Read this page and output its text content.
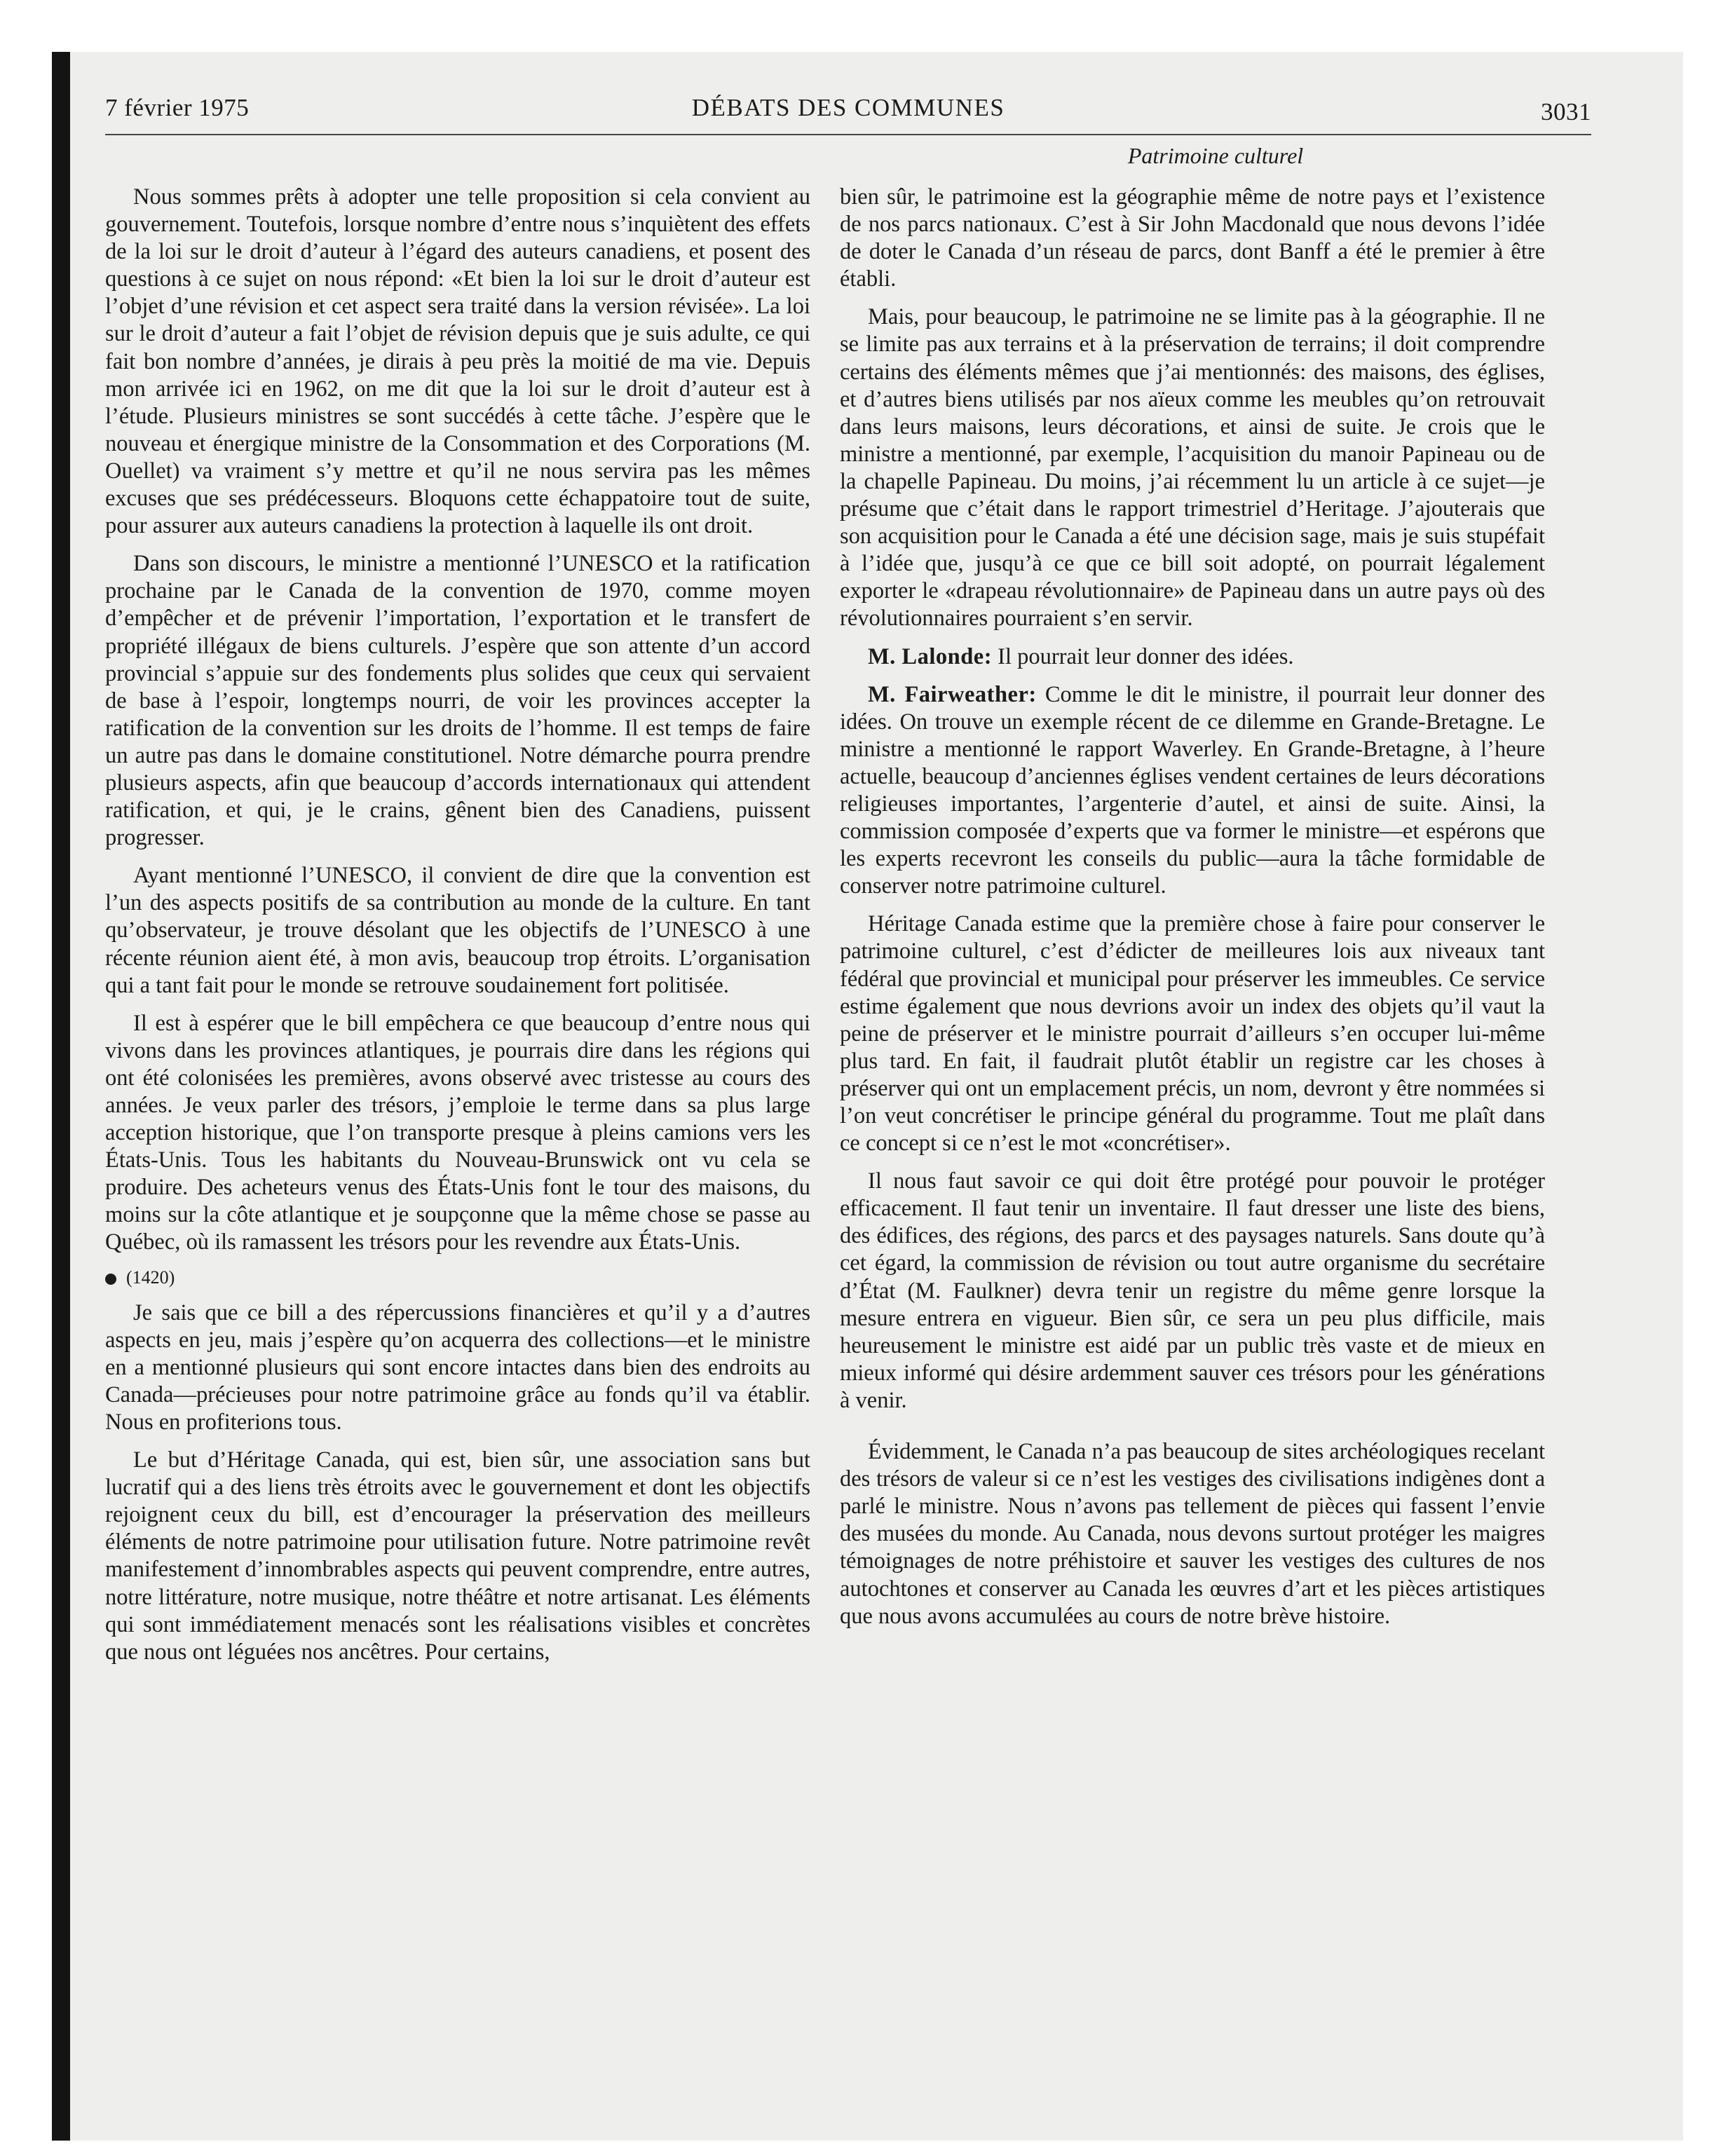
7 février 1975	DÉBATS DES COMMUNES	3031
Patrimoine culturel

Nous sommes prêts à adopter une telle proposition si cela convient au gouvernement. Toutefois, lorsque nombre d’entre nous s’inquiètent des effets de la loi sur le droit d’auteur à l’égard des auteurs canadiens, et posent des questions à ce sujet on nous répond: «Et bien la loi sur le droit d’auteur est l’objet d’une révision et cet aspect sera traité dans la version révisée». La loi sur le droit d’auteur a fait l’objet de révision depuis que je suis adulte, ce qui fait bon nombre d’années, je dirais à peu près la moitié de ma vie. Depuis mon arrivée ici en 1962, on me dit que la loi sur le droit d’auteur est à l’étude. Plusieurs ministres se sont succédés à cette tâche. J’espère que le nouveau et énergique ministre de la Consommation et des Corporations (M. Ouellet) va vraiment s’y mettre et qu’il ne nous servira pas les mêmes excuses que ses prédécesseurs. Bloquons cette échappatoire tout de suite, pour assurer aux auteurs canadiens la protection à laquelle ils ont droit.

Dans son discours, le ministre a mentionné l’UNESCO et la ratification prochaine par le Canada de la convention de 1970, comme moyen d’empêcher et de prévenir l’importation, l’exportation et le transfert de propriété illégaux de biens culturels. J’espère que son attente d’un accord provincial s’appuie sur des fondements plus solides que ceux qui servaient de base à l’espoir, longtemps nourri, de voir les provinces accepter la ratification de la convention sur les droits de l’homme. Il est temps de faire un autre pas dans le domaine constitutionel. Notre démarche pourra prendre plusieurs aspects, afin que beaucoup d’accords internationaux qui attendent ratification, et qui, je le crains, gênent bien des Canadiens, puissent progresser.

Ayant mentionné l’UNESCO, il convient de dire que la convention est l’un des aspects positifs de sa contribution au monde de la culture. En tant qu’observateur, je trouve désolant que les objectifs de l’UNESCO à une récente réunion aient été, à mon avis, beaucoup trop étroits. L’organisation qui a tant fait pour le monde se retrouve soudainement fort politisée.

Il est à espérer que le bill empêchera ce que beaucoup d’entre nous qui vivons dans les provinces atlantiques, je pourrais dire dans les régions qui ont été colonisées les premières, avons observé avec tristesse au cours des années. Je veux parler des trésors, j’emploie le terme dans sa plus large acception historique, que l’on transporte presque à pleins camions vers les États-Unis. Tous les habitants du Nouveau-Brunswick ont vu cela se produire. Des acheteurs venus des États-Unis font le tour des maisons, du moins sur la côte atlantique et je soupçonne que la même chose se passe au Québec, où ils ramassent les trésors pour les revendre aux États-Unis.

(1420)

Je sais que ce bill a des répercussions financières et qu’il y a d’autres aspects en jeu, mais j’espère qu’on acquerra des collections—et le ministre en a mentionné plusieurs qui sont encore intactes dans bien des endroits au Canada—précieuses pour notre patrimoine grâce au fonds qu’il va établir. Nous en profiterions tous.

Le but d’Héritage Canada, qui est, bien sûr, une association sans but lucratif qui a des liens très étroits avec le gouvernement et dont les objectifs rejoignent ceux du bill, est d’encourager la préservation des meilleurs éléments de notre patrimoine pour utilisation future. Notre patrimoine revêt manifestement d’innombrables aspects qui peuvent comprendre, entre autres, notre littérature, notre musique, notre théâtre et notre artisanat. Les éléments qui sont immédiatement menacés sont les réalisations visibles et concrètes que nous ont léguées nos ancêtres. Pour certains,

bien sûr, le patrimoine est la géographie même de notre pays et l’existence de nos parcs nationaux. C’est à Sir John Macdonald que nous devons l’idée de doter le Canada d’un réseau de parcs, dont Banff a été le premier à être établi.

Mais, pour beaucoup, le patrimoine ne se limite pas à la géographie. Il ne se limite pas aux terrains et à la préservation de terrains; il doit comprendre certains des éléments mêmes que j’ai mentionnés: des maisons, des églises, et d’autres biens utilisés par nos aïeux comme les meubles qu’on retrouvait dans leurs maisons, leurs décorations, et ainsi de suite. Je crois que le ministre a mentionné, par exemple, l’acquisition du manoir Papineau ou de la chapelle Papineau. Du moins, j’ai récemment lu un article à ce sujet—je présume que c’était dans le rapport trimestriel d’Heritage. J’ajouterais que son acquisition pour le Canada a été une décision sage, mais je suis stupéfait à l’idée que, jusqu’à ce que ce bill soit adopté, on pourrait légalement exporter le «drapeau révolutionnaire» de Papineau dans un autre pays où des révolutionnaires pourraient s’en servir.

M. Lalonde: Il pourrait leur donner des idées.

M. Fairweather: Comme le dit le ministre, il pourrait leur donner des idées. On trouve un exemple récent de ce dilemme en Grande-Bretagne. Le ministre a mentionné le rapport Waverley. En Grande-Bretagne, à l’heure actuelle, beaucoup d’anciennes églises vendent certaines de leurs décorations religieuses importantes, l’argenterie d’autel, et ainsi de suite. Ainsi, la commission composée d’experts que va former le ministre—et espérons que les experts recevront les conseils du public—aura la tâche formidable de conserver notre patrimoine culturel.

Héritage Canada estime que la première chose à faire pour conserver le patrimoine culturel, c’est d’édicter de meilleures lois aux niveaux tant fédéral que provincial et municipal pour préserver les immeubles. Ce service estime également que nous devrions avoir un index des objets qu’il vaut la peine de préserver et le ministre pourrait d’ailleurs s’en occuper lui-même plus tard. En fait, il faudrait plutôt établir un registre car les choses à préserver qui ont un emplacement précis, un nom, devront y être nommées si l’on veut concrétiser le principe général du programme. Tout me plaît dans ce concept si ce n’est le mot «concrétiser».

Il nous faut savoir ce qui doit être protégé pour pouvoir le protéger efficacement. Il faut tenir un inventaire. Il faut dresser une liste des biens, des édifices, des régions, des parcs et des paysages naturels. Sans doute qu’à cet égard, la commission de révision ou tout autre organisme du secrétaire d’État (M. Faulkner) devra tenir un registre du même genre lorsque la mesure entrera en vigueur. Bien sûr, ce sera un peu plus difficile, mais heureusement le ministre est aidé par un public très vaste et de mieux en mieux informé qui désire ardemment sauver ces trésors pour les générations à venir.

Évidemment, le Canada n’a pas beaucoup de sites archéologiques recelant des trésors de valeur si ce n’est les vestiges des civilisations indigènes dont a parlé le ministre. Nous n’avons pas tellement de pièces qui fassent l’envie des musées du monde. Au Canada, nous devons surtout protéger les maigres témoignages de notre préhistoire et sauver les vestiges des cultures de nos autochtones et conserver au Canada les œuvres d’art et les pièces artistiques que nous avons accumulées au cours de notre brève histoire.
